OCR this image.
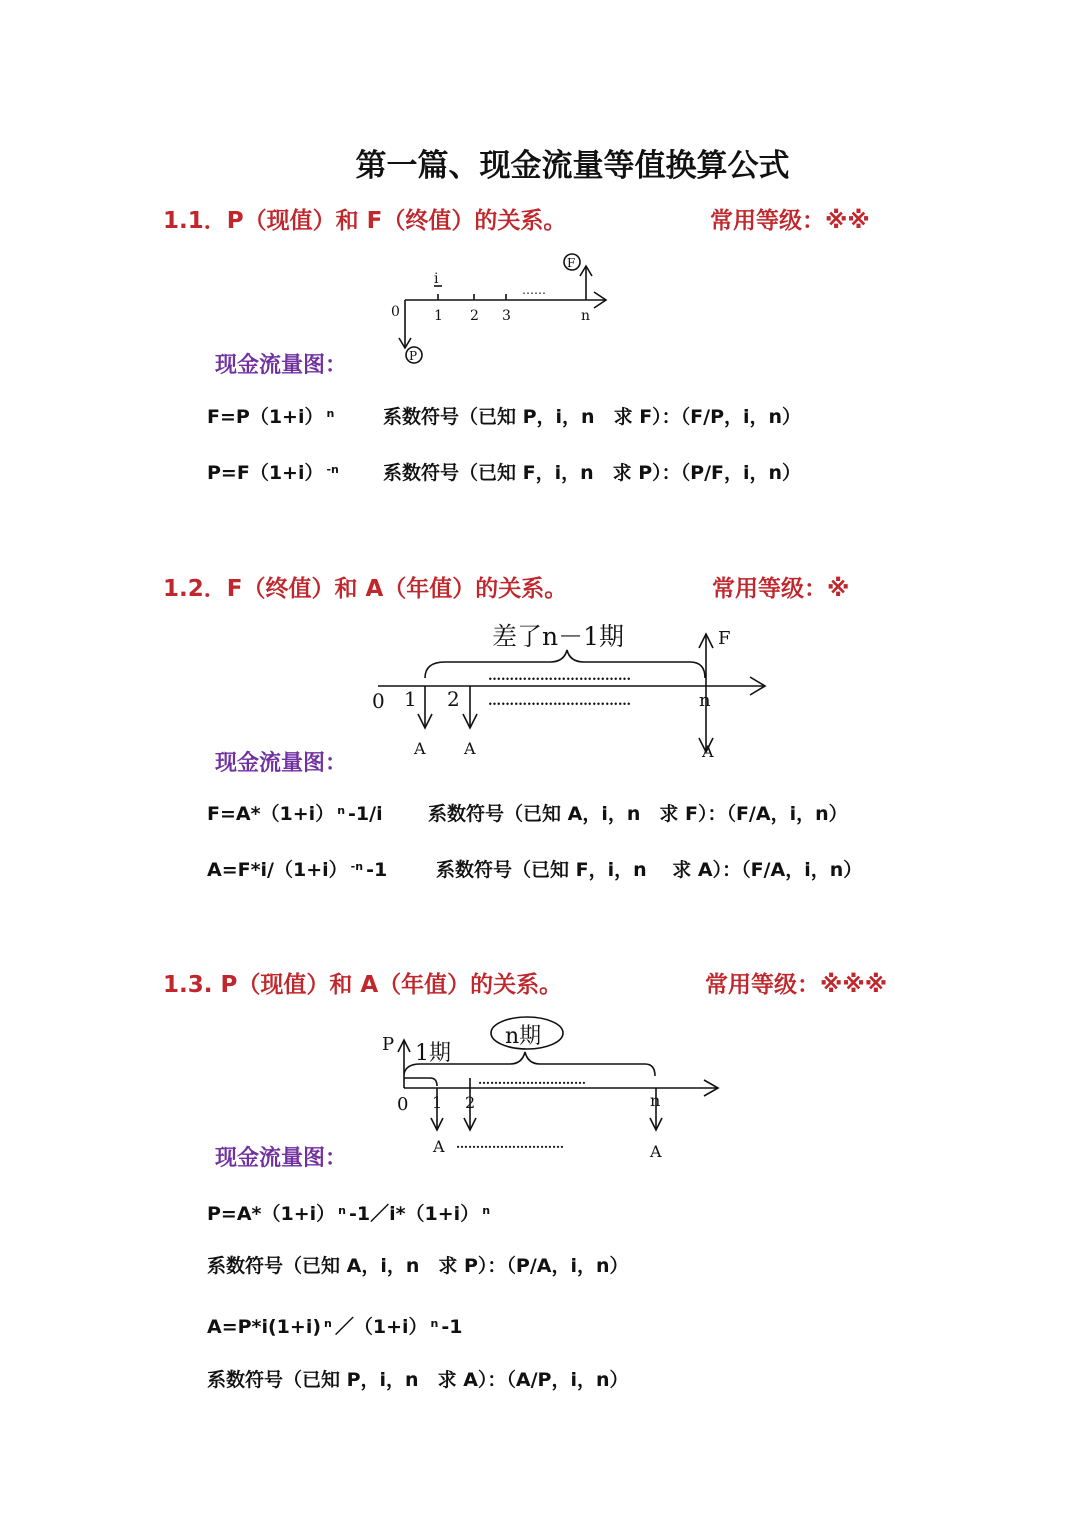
第一篇、现金流量等值换算公式
1.1．P（现值）和 F（终值）的关系。	常用等级：※※
i
0 1 2 3	n
……
F
P
现金流量图：
F=P（1+i） $^n$	系数符号（已知 P，i，n　求 F）：（F/P，i，n）
P=F（1+i） $^{-n}$ 系数符号（已知 F，i，n　求 P）：（P/F，i，n）
1.2．F（终值）和 A（年值）的关系。	常用等级：※
差了n－1期
……………………………
……………………………
0 1 2	n
F
A A	A
现金流量图：
F=A*（1+i） $^n$ -1/i 系数符号（已知 A，i，n　求 F）：（F/A，i，n）
A=F*i/（1+i） $^{-n}$ -1	系数符号（已知 F，i，n　 求 A）：（F/A，i，n）
1.3. P（现值）和 A（年值）的关系。	常用等级：※※※
P 1期
n期
………………………
0 1 2	n
A ………………………	A
现金流量图：
P=A*（1+i） $^n$ -1／i*（1+i） $^n$
系数符号（已知 A，i，n　求 P）：（P/A，i，n）
A=P*i(1+i) $^n$ ／（1+i） $^n$ -1
系数符号（已知 P，i，n　求 A）：（A/P，i，n）
